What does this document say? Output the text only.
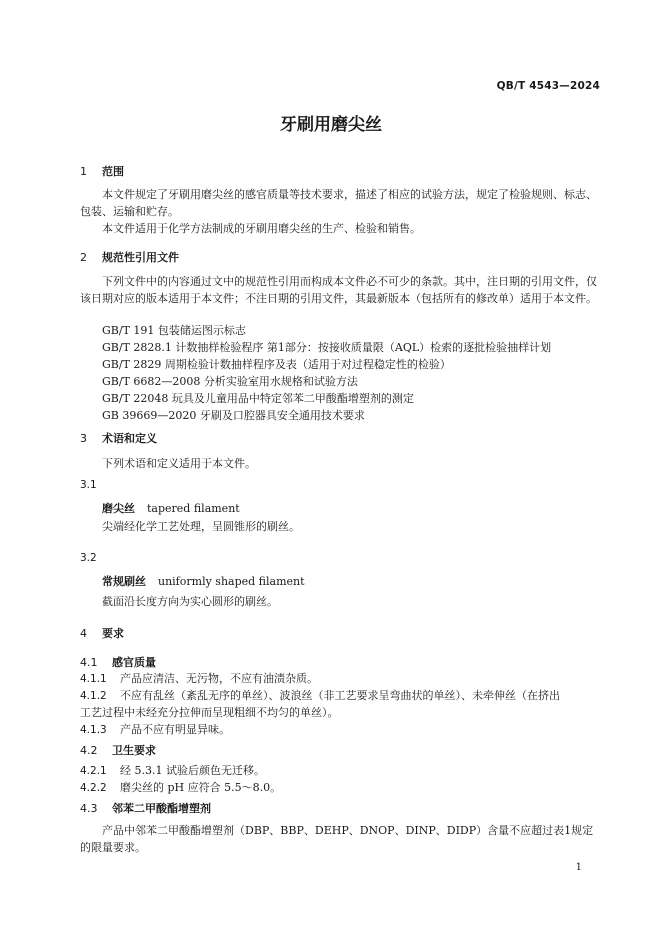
QB/T 4543—2024
牙刷用磨尖丝
1 范围
本文件规定了牙刷用磨尖丝的感官质量等技术要求，描述了相应的试验方法，规定了检验规则、标志、包装、运输和贮存。
本文件适用于化学方法制成的牙刷用磨尖丝的生产、检验和销售。
2 规范性引用文件
下列文件中的内容通过文中的规范性引用而构成本文件必不可少的条款。其中，注日期的引用文件，仅该日期对应的版本适用于本文件；不注日期的引用文件，其最新版本（包括所有的修改单）适用于本文件。
GB/T 191 包装储运图示标志
GB/T 2828.1 计数抽样检验程序 第1部分：按接收质量限（AQL）检索的逐批检验抽样计划
GB/T 2829 周期检验计数抽样程序及表（适用于对过程稳定性的检验）
GB/T 6682—2008 分析实验室用水规格和试验方法
GB/T 22048 玩具及儿童用品中特定邻苯二甲酸酯增塑剂的测定
GB 39669—2020 牙刷及口腔器具安全通用技术要求
3 术语和定义
下列术语和定义适用于本文件。
3.1
磨尖丝 tapered filament
尖端经化学工艺处理，呈圆锥形的刷丝。
3.2
常规刷丝 uniformly shaped filament
截面沿长度方向为实心圆形的刷丝。
4 要求
4.1 感官质量
4.1.1 产品应清洁、无污物，不应有油渍杂质。
4.1.2 不应有乱丝（紊乱无序的单丝）、波浪丝（非工艺要求呈弯曲状的单丝）、未牵伸丝（在挤出
工艺过程中未经充分拉伸而呈现粗细不均匀的单丝）。
4.1.3 产品不应有明显异味。
4.2 卫生要求
4.2.1 经 5.3.1 试验后颜色无迁移。
4.2.2 磨尖丝的 pH 应符合 5.5～8.0。
4.3 邻苯二甲酸酯增塑剂
产品中邻苯二甲酸酯增塑剂（DBP、BBP、DEHP、DNOP、DINP、DIDP）含量不应超过表1规定的限量要求。
1
